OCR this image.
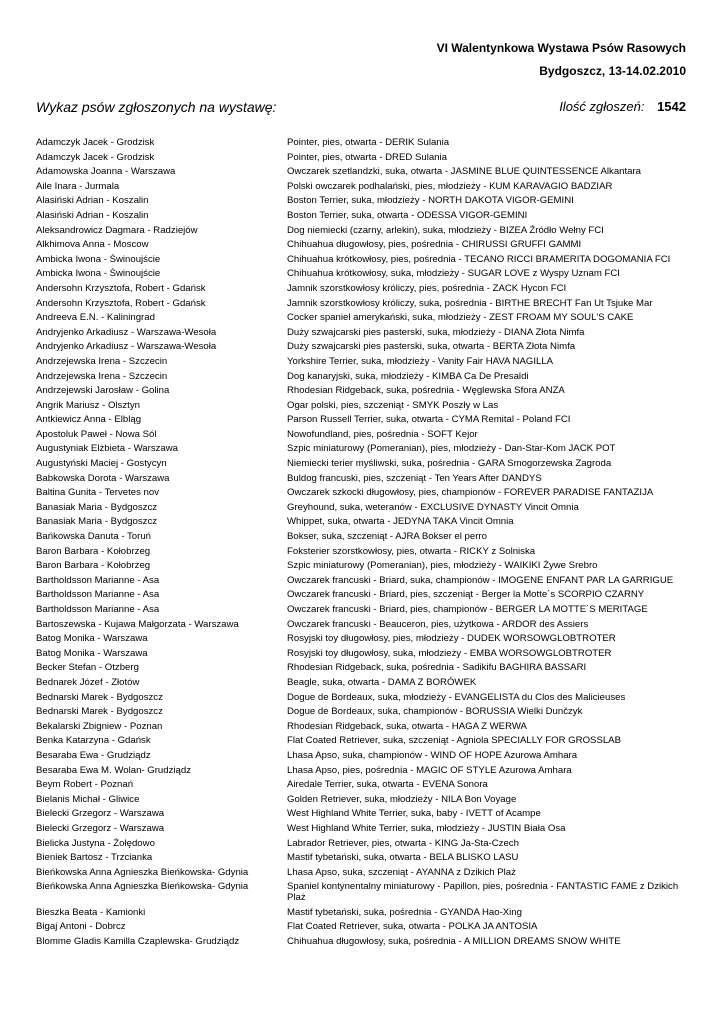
VI Walentynkowa Wystawa Psów Rasowych
Bydgoszcz, 13-14.02.2010
Wykaz psów zgłoszonych na wystawę:	Ilość zgłoszeń: 1542
Adamczyk Jacek - Grodzisk	Pointer, pies, otwarta - DERIK Sulania
Adamczyk Jacek - Grodzisk	Pointer, pies, otwarta - DRED Sulania
Adamowska Joanna - Warszawa	Owczarek szetlandzki, suka, otwarta - JASMINE BLUE QUINTESSENCE Alkantara
Aile Inara - Jurmala	Polski owczarek podhalański, pies, młodzieży - KUM KARAVAGIO BADZIAR
Alasiński Adrian - Koszalin	Boston Terrier, suka, młodzieży - NORTH DAKOTA VIGOR-GEMINI
Alasiński Adrian - Koszalin	Boston Terrier, suka, otwarta - ODESSA VIGOR-GEMINI
Aleksandrowicz Dagmara - Radziejów	Dog niemiecki (czarny, arlekin), suka, młodzieży - BIZEA Źródło Wełny FCI
Alkhimova Anna - Moscow	Chihuahua długowłosy, pies, pośrednia - CHIRUSSI GRUFFI GAMMI
Ambicka Iwona - Świnoujście	Chihuahua krótkowłosy, pies, pośrednia - TECANO RICCI BRAMERITA DOGOMANIA FCI
Ambicka Iwona - Świnoujście	Chihuahua krótkowłosy, suka, młodzieży - SUGAR LOVE z Wyspy Uznam FCI
Andersohn Krzysztofa, Robert - Gdańsk	Jamnik szorstkowłosy króliczy, pies, pośrednia - ZACK Hycon FCI
Andersohn Krzysztofa, Robert - Gdańsk	Jamnik szorstkowłosy króliczy, suka, pośrednia - BIRTHE BRECHT Fan Ut Tsjuke Mar
Andreeva E.N. - Kaliningrad	Cocker spaniel amerykański, suka, młodzieży - ZEST FROAM MY SOUL'S CAKE
Andryjenko Arkadiusz - Warszawa-Wesoła	Duży szwajcarski pies pasterski, suka, młodzieży - DIANA Złota Nimfa
Andryjenko Arkadiusz - Warszawa-Wesoła	Duży szwajcarski pies pasterski, suka, otwarta - BERTA Złota Nimfa
Andrzejewska Irena - Szczecin	Yorkshire Terrier, suka, młodzieży - Vanity Fair HAVA NAGILLA
Andrzejewska Irena - Szczecin	Dog kanaryjski, suka, młodzieży - KIMBA Ca De Presaldi
Andrzejewski Jarosław - Golina	Rhodesian Ridgeback, suka, pośrednia - Węglewska Sfora ANZA
Angrik Mariusz - Olsztyn	Ogar polski, pies, szczeniąt - SMYK Poszły w Las
Antkiewicz Anna - Elbląg	Parson Russell Terrier, suka, otwarta - CYMA Remital - Poland FCI
Apostoluk Paweł - Nowa Sól	Nowofundland, pies, pośrednia - SOFT Kejor
Augustyniak Elżbieta - Warszawa	Szpic miniaturowy (Pomeranian), pies, młodzieży - Dan-Star-Kom JACK POT
Augustyński Maciej - Gostycyn	Niemiecki terier myśliwski, suka, pośrednia - GARA Smogorzewska Zagroda
Babkowska Dorota - Warszawa	Buldog francuski, pies, szczeniąt - Ten Years After DANDYS
Baltina Gunita - Tervetes nov	Owczarek szkocki długowłosy, pies, championów - FOREVER PARADISE FANTAZIJA
Banasiak Maria - Bydgoszcz	Greyhound, suka, weteranów - EXCLUSIVE DYNASTY Vincit Omnia
Banasiak Maria - Bydgoszcz	Whippet, suka, otwarta - JEDYNA TAKA Vincit Omnia
Bańkowska Danuta - Toruń	Bokser, suka, szczeniąt - AJRA Bokser el perro
Baron Barbara - Kołobrzeg	Foksterier szorstkowłosy, pies, otwarta - RICKY z Solniska
Baron Barbara - Kołobrzeg	Szpic miniaturowy (Pomeranian), pies, młodzieży - WAIKIKI Żywe Srebro
Bartholdsson Marianne - Asa	Owczarek francuski - Briard, suka, championów - IMOGENE ENFANT PAR LA GARRIGUE
Bartholdsson Marianne - Asa	Owczarek francuski - Briard, pies, szczeniąt - Berger la Motte´s SCORPIO CZARNY
Bartholdsson Marianne - Asa	Owczarek francuski - Briard, pies, championów - BERGER LA MOTTE´S MERITAGE
Bartoszewska - Kujawa Małgorzata - Warszawa	Owczarek francuski - Beauceron, pies, użytkowa - ARDOR des Assiers
Batog Monika - Warszawa	Rosyjski toy długowłosy, pies, młodzieży - DUDEK WORSOWGLOBTROTER
Batog Monika - Warszawa	Rosyjski toy długowłosy, suka, młodzieży - EMBA WORSOWGLOBTROTER
Becker Stefan - Otzberg	Rhodesian Ridgeback, suka, pośrednia - Sadikifu BAGHIRA BASSARI
Bednarek Józef - Złotów	Beagle, suka, otwarta - DAMA Z BORÓWEK
Bednarski Marek - Bydgoszcz	Dogue de Bordeaux, suka, młodzieży - EVANGELISTA du Clos des Malicieuses
Bednarski Marek - Bydgoszcz	Dogue de Bordeaux, suka, championów - BORUSSIA Wielki Dunčzyk
Bekalarski Zbigniew - Poznan	Rhodesian Ridgeback, suka, otwarta - HAGA Z WERWA
Benka Katarzyna - Gdańsk	Flat Coated Retriever, suka, szczeniąt - Agniola SPECIALLY FOR GROSSLAB
Besaraba Ewa - Grudziądz	Lhasa Apso, suka, championów - WIND OF HOPE Azurowa Amhara
Besaraba Ewa M. Wolan- Grudziądz	Lhasa Apso, pies, pośrednia - MAGIC OF STYLE Azurowa Amhara
Beym Robert - Poznań	Airedale Terrier, suka, otwarta - EVENA Sonora
Bielanis Michał - Gliwice	Golden Retriever, suka, młodzieży - NILA Bon Voyage
Bielecki Grzegorz - Warszawa	West Highland White Terrier, suka, baby - IVETT of Acampe
Bielecki Grzegorz - Warszawa	West Highland White Terrier, suka, młodzieży - JUSTIN Biała Osa
Bielicka Justyna - Żołędowo	Labrador Retriever, pies, otwarta - KING Ja-Sta-Czech
Bieniek Bartosz - Trzcianka	Mastif tybetański, suka, otwarta - BELA BLISKO LASU
Bieńkowska Anna Agnieszka Bieńkowska- Gdynia	Lhasa Apso, suka, szczeniąt - AYANNA z Dzikich Plaż
Bieńkowska Anna Agnieszka Bieńkowska- Gdynia	Spaniel kontynentalny miniaturowy - Papillon, pies, pośrednia - FANTASTIC FAME z Dzikich Plaż
Bieszka Beata - Kamionki	Mastif tybetański, suka, pośrednia - GYANDA Hao-Xing
Bigaj Antoni - Dobrcz	Flat Coated Retriever, suka, otwarta - POLKA JA ANTOSIA
Blomme Gladis Kamilla Czaplewska- Grudziądz	Chihuahua długowłosy, suka, pośrednia - A MILLION DREAMS SNOW WHITE
